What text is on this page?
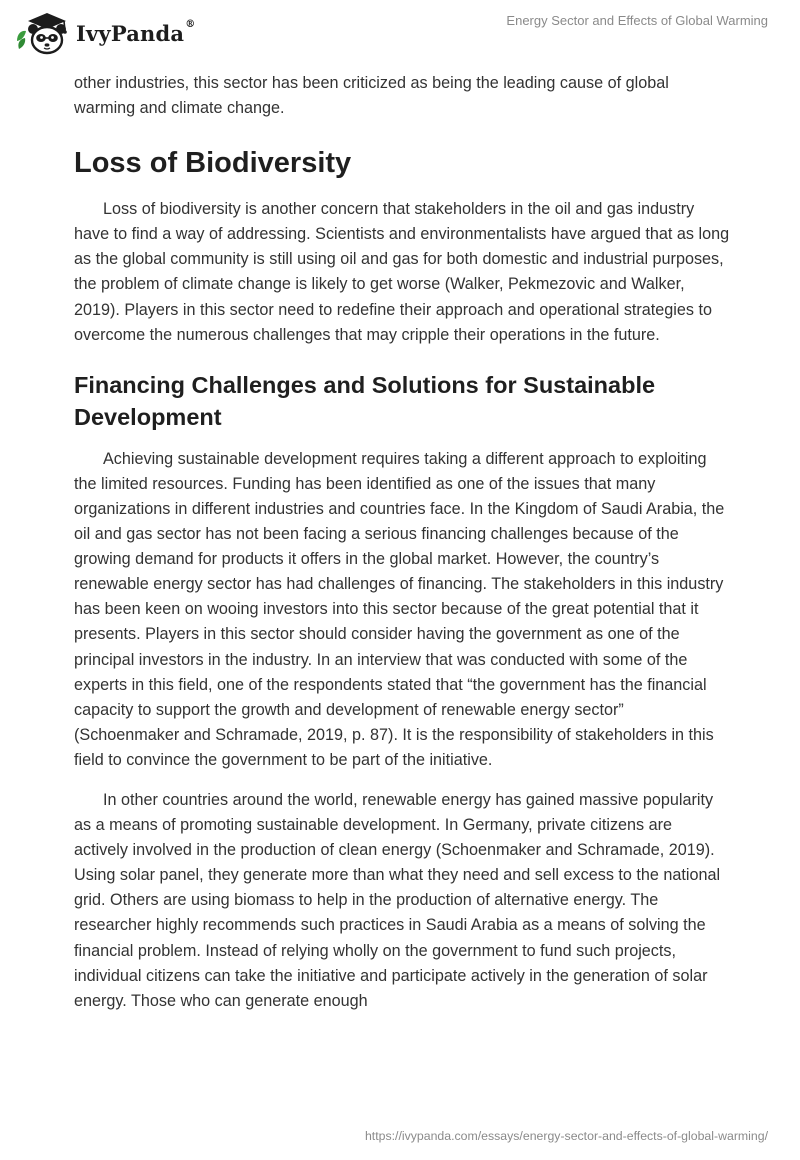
IvyPanda®	Energy Sector and Effects of Global Warming

other industries, this sector has been criticized as being the leading cause of global warming and climate change.

Loss of Biodiversity

Loss of biodiversity is another concern that stakeholders in the oil and gas industry have to find a way of addressing. Scientists and environmentalists have argued that as long as the global community is still using oil and gas for both domestic and industrial purposes, the problem of climate change is likely to get worse (Walker, Pekmezovic and Walker, 2019). Players in this sector need to redefine their approach and operational strategies to overcome the numerous challenges that may cripple their operations in the future.

Financing Challenges and Solutions for Sustainable Development

Achieving sustainable development requires taking a different approach to exploiting the limited resources. Funding has been identified as one of the issues that many organizations in different industries and countries face. In the Kingdom of Saudi Arabia, the oil and gas sector has not been facing a serious financing challenges because of the growing demand for products it offers in the global market. However, the country’s renewable energy sector has had challenges of financing. The stakeholders in this industry has been keen on wooing investors into this sector because of the great potential that it presents. Players in this sector should consider having the government as one of the principal investors in the industry. In an interview that was conducted with some of the experts in this field, one of the respondents stated that “the government has the financial capacity to support the growth and development of renewable energy sector” (Schoenmaker and Schramade, 2019, p. 87). It is the responsibility of stakeholders in this field to convince the government to be part of the initiative.

In other countries around the world, renewable energy has gained massive popularity as a means of promoting sustainable development. In Germany, private citizens are actively involved in the production of clean energy (Schoenmaker and Schramade, 2019). Using solar panel, they generate more than what they need and sell excess to the national grid. Others are using biomass to help in the production of alternative energy. The researcher highly recommends such practices in Saudi Arabia as a means of solving the financial problem. Instead of relying wholly on the government to fund such projects, individual citizens can take the initiative and participate actively in the generation of solar energy. Those who can generate enough

https://ivypanda.com/essays/energy-sector-and-effects-of-global-warming/
